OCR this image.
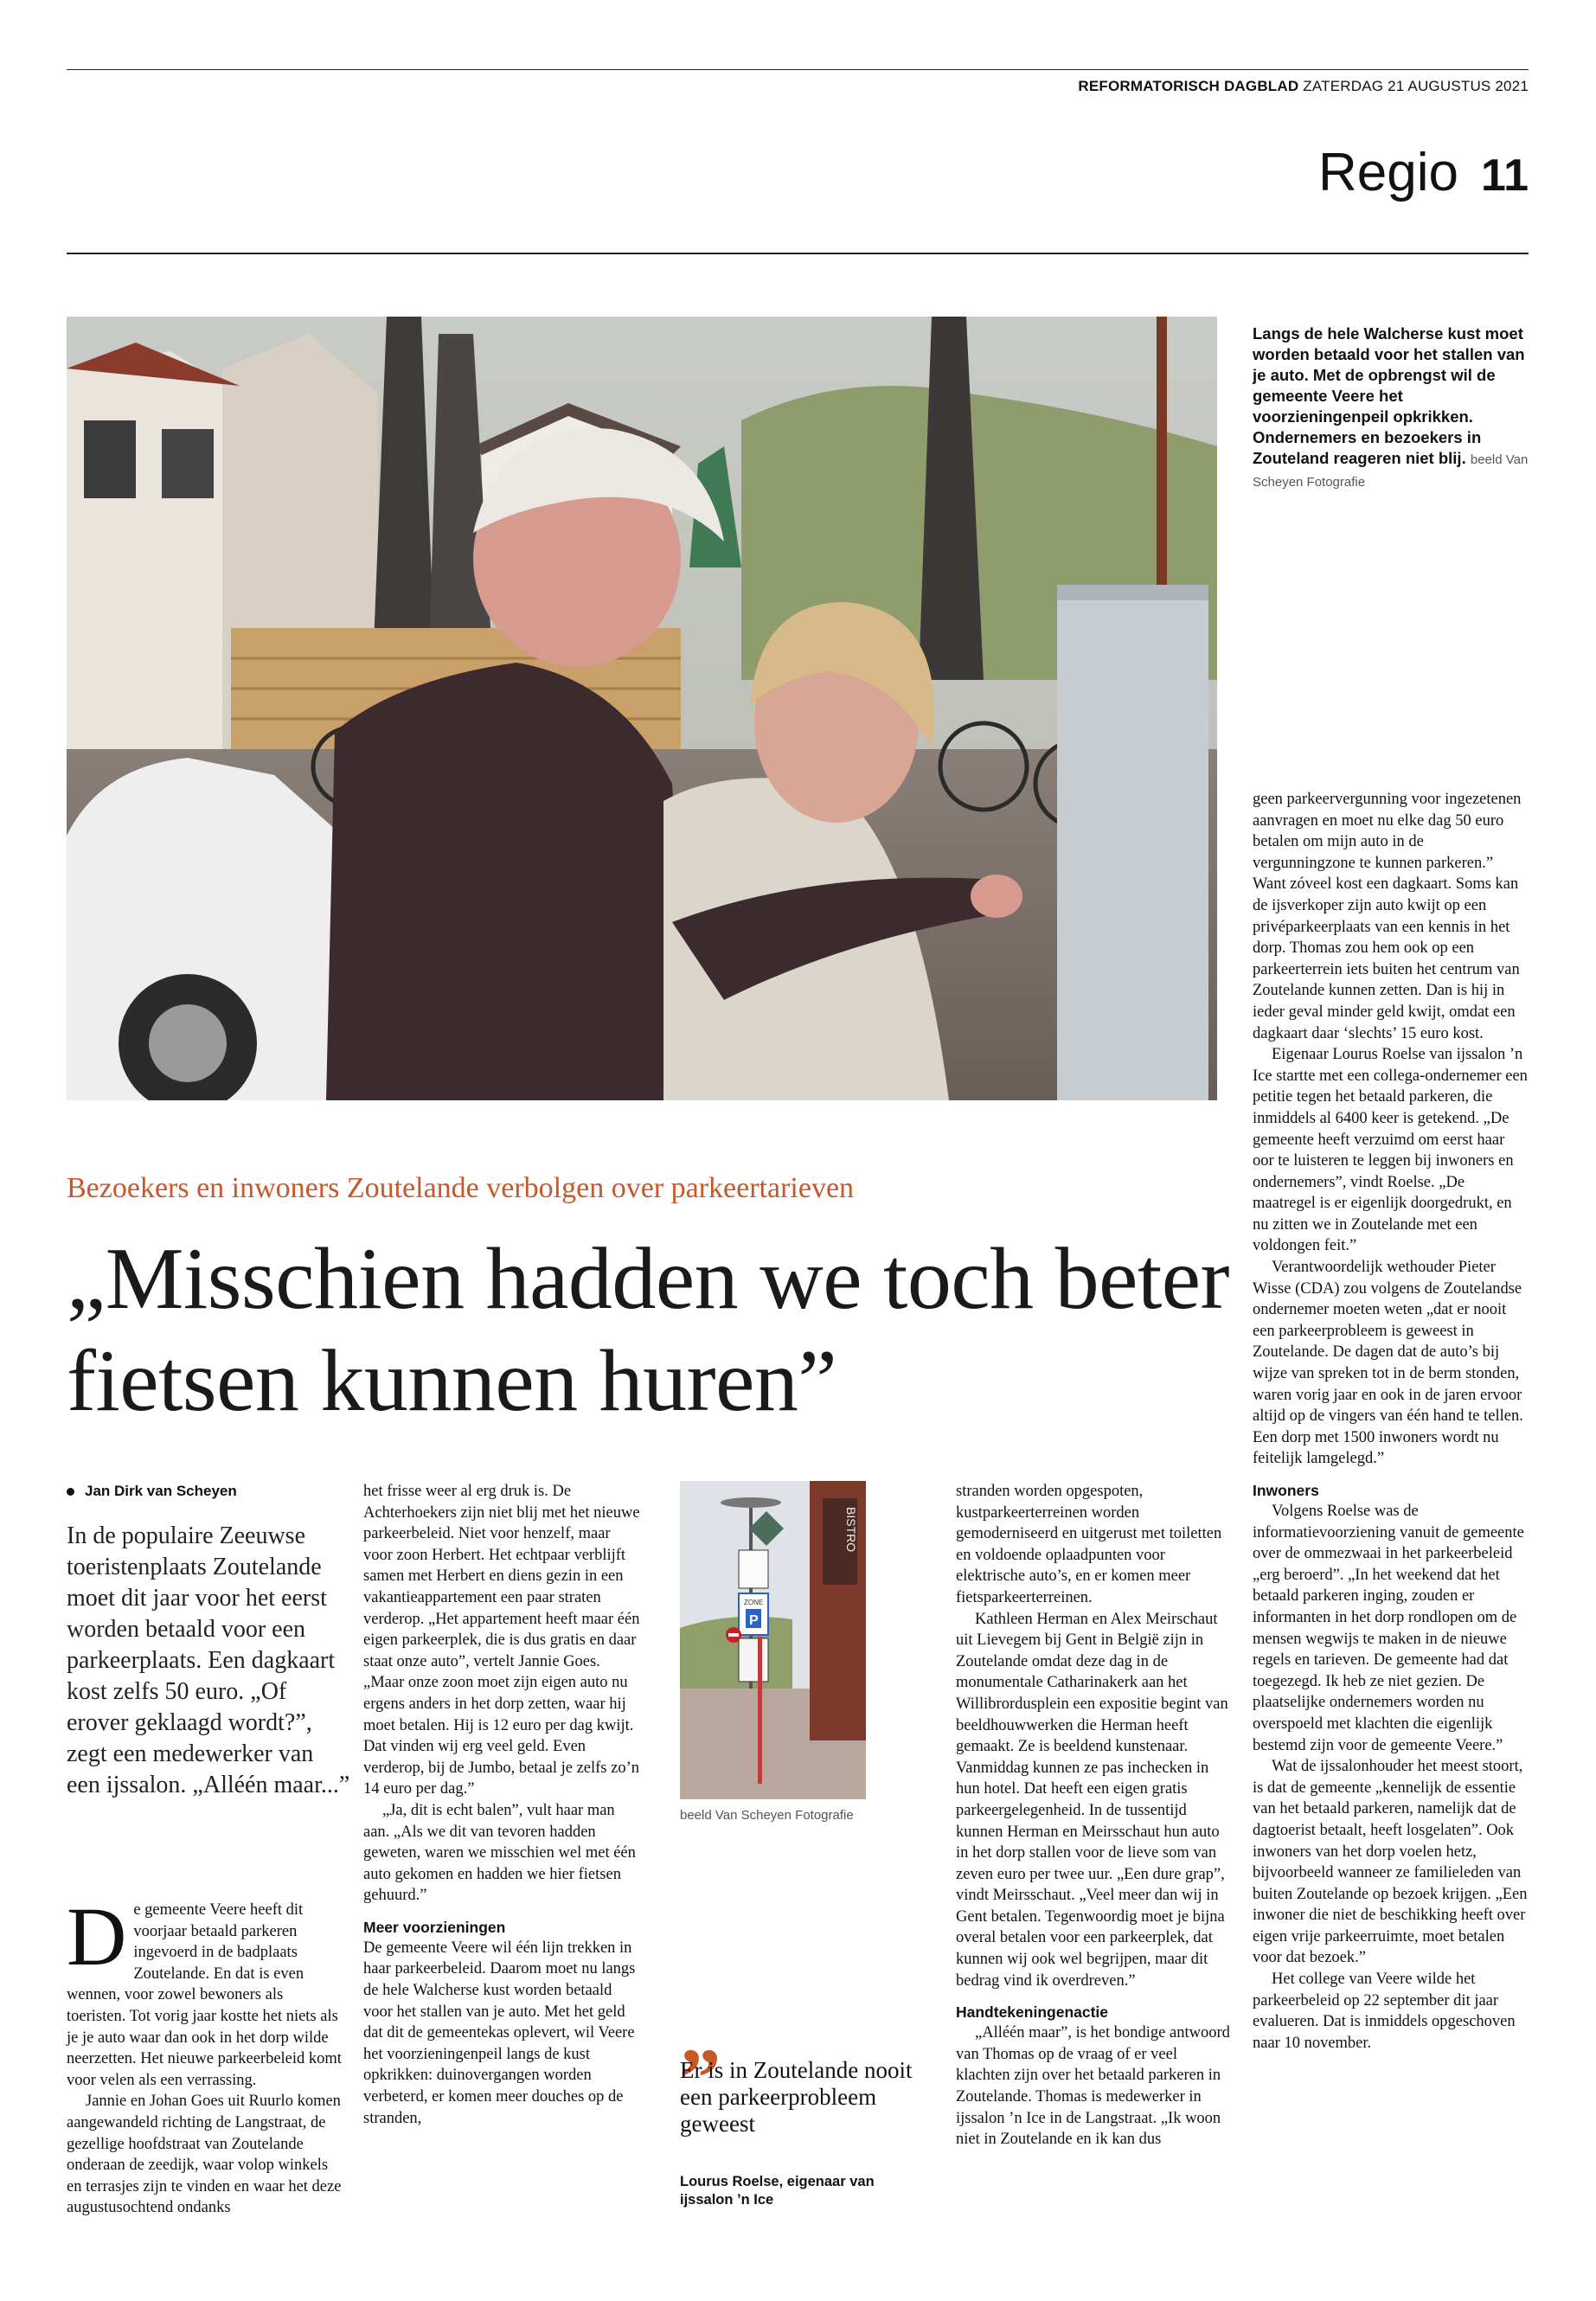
REFORMATORISCH DAGBLAD ZATERDAG 21 AUGUSTUS 2021
Regio 11
Langs de hele Walcherse kust moet worden betaald voor het stallen van je auto. Met de opbrengst wil de gemeente Veere het voorzieningenpeil opkrikken. Ondernemers en bezoekers in Zouteland reageren niet blij. beeld Van Scheyen Fotografie
Bezoekers en inwoners Zoutelande verbolgen over parkeertarieven
„Misschien hadden we toch beter fietsen kunnen huren”
Jan Dirk van Scheyen
In de populaire Zeeuwse toeristenplaats Zoutelande moet dit jaar voor het eerst worden betaald voor een parkeerplaats. Een dagkaart kost zelfs 50 euro. „Of erover geklaagd wordt?”, zegt een medewerker van een ijssalon. „Alléén maar...”

De gemeente Veere heeft dit voorjaar betaald parkeren ingevoerd in de badplaats Zoutelande. En dat is even wennen, voor zowel bewoners als toeristen. Tot vorig jaar kostte het niets als je je auto waar dan ook in het dorp wilde neerzetten. Het nieuwe parkeerbeleid komt voor velen als een verrassing.

Jannie en Johan Goes uit Ruurlo komen aangewandeld richting de Langstraat, de gezellige hoofdstraat van Zoutelande onderaan de zeedijk, waar volop winkels en terrasjes zijn te vinden en waar het deze augustusochtend ondanks

het frisse weer al erg druk is. De Achterhoekers zijn niet blij met het nieuwe parkeerbeleid. Niet voor henzelf, maar voor zoon Herbert. Het echtpaar verblijft samen met Herbert en diens gezin in een vakantieappartement een paar straten verderop. „Het appartement heeft maar één eigen parkeerplek, die is dus gratis en daar staat onze auto”, vertelt Jannie Goes. „Maar onze zoon moet zijn eigen auto nu ergens anders in het dorp zetten, waar hij moet betalen. Hij is 12 euro per dag kwijt. Dat vinden wij erg veel geld. Even verderop, bij de Jumbo, betaal je zelfs zo’n 14 euro per dag.”

„Ja, dit is echt balen”, vult haar man aan. „Als we dit van tevoren hadden geweten, waren we misschien wel met één auto gekomen en hadden we hier fietsen gehuurd.”

Meer voorzieningen

De gemeente Veere wil één lijn trekken in haar parkeerbeleid. Daarom moet nu langs de hele Walcherse kust worden betaald voor het stallen van je auto. Met het geld dat dit de gemeentekas oplevert, wil Veere het voorzieningenpeil langs de kust opkrikken: duinovergangen worden verbeterd, er komen meer douches op de stranden,

BISTRO
ZONE
P
beeld Van Scheyen Fotografie
„
Er is in Zoutelande nooit een parkeerprobleem geweest
Lourus Roelse, eigenaar van ijssalon ’n Ice

stranden worden opgespoten, kustparkeerterreinen worden gemoderniseerd en uitgerust met toiletten en voldoende oplaadpunten voor elektrische auto’s, en er komen meer fietsparkeerterreinen.

Kathleen Herman en Alex Meirschaut uit Lievegem bij Gent in België zijn in Zoutelande omdat deze dag in de monumentale Catharinakerk aan het Willibrordusplein een expositie begint van beeldhouwwerken die Herman heeft gemaakt. Ze is beeldend kunstenaar. Vanmiddag kunnen ze pas inchecken in hun hotel. Dat heeft een eigen gratis parkeergelegenheid. In de tussentijd kunnen Herman en Meirsschaut hun auto in het dorp stallen voor de lieve som van zeven euro per twee uur. „Een dure grap”, vindt Meirsschaut. „Veel meer dan wij in Gent betalen. Tegenwoordig moet je bijna overal betalen voor een parkeerplek, dat kunnen wij ook wel begrijpen, maar dit bedrag vind ik overdreven.”

Handtekeningenactie

„Alléén maar”, is het bondige antwoord van Thomas op de vraag of er veel klachten zijn over het betaald parkeren in Zoutelande. Thomas is medewerker in ijssalon ’n Ice in de Langstraat. „Ik woon niet in Zoutelande en ik kan dus

geen parkeervergunning voor ingezetenen aanvragen en moet nu elke dag 50 euro betalen om mijn auto in de vergunningzone te kunnen parkeren.” Want zóveel kost een dagkaart. Soms kan de ijsverkoper zijn auto kwijt op een privéparkeerplaats van een kennis in het dorp. Thomas zou hem ook op een parkeerterrein iets buiten het centrum van Zoutelande kunnen zetten. Dan is hij in ieder geval minder geld kwijt, omdat een dagkaart daar ‘slechts’ 15 euro kost.

Eigenaar Lourus Roelse van ijssalon ’n Ice startte met een collega-ondernemer een petitie tegen het betaald parkeren, die inmiddels al 6400 keer is getekend. „De gemeente heeft verzuimd om eerst haar oor te luisteren te leggen bij inwoners en ondernemers”, vindt Roelse. „De maatregel is er eigenlijk doorgedrukt, en nu zitten we in Zoutelande met een voldongen feit.”

Verantwoordelijk wethouder Pieter Wisse (CDA) zou volgens de Zoutelandse ondernemer moeten weten „dat er nooit een parkeerprobleem is geweest in Zoutelande. De dagen dat de auto’s bij wijze van spreken tot in de berm stonden, waren vorig jaar en ook in de jaren ervoor altijd op de vingers van één hand te tellen. Een dorp met 1500 inwoners wordt nu feitelijk lamgelegd.”

Inwoners

Volgens Roelse was de informatievoorziening vanuit de gemeente over de ommezwaai in het parkeerbeleid „erg beroerd”. „In het weekend dat het betaald parkeren inging, zouden er informanten in het dorp rondlopen om de mensen wegwijs te maken in de nieuwe regels en tarieven. De gemeente had dat toegezegd. Ik heb ze niet gezien. De plaatselijke ondernemers worden nu overspoeld met klachten die eigenlijk bestemd zijn voor de gemeente Veere.”

Wat de ijssalonhouder het meest stoort, is dat de gemeente „kennelijk de essentie van het betaald parkeren, namelijk dat de dagtoerist betaalt, heeft losgelaten”. Ook inwoners van het dorp voelen hetz, bijvoorbeeld wanneer ze familieleden van buiten Zoutelande op bezoek krijgen. „Een inwoner die niet de beschikking heeft over eigen vrije parkeerruimte, moet betalen voor dat bezoek.”

Het college van Veere wilde het parkeerbeleid op 22 september dit jaar evalueren. Dat is inmiddels opgeschoven naar 10 november.
